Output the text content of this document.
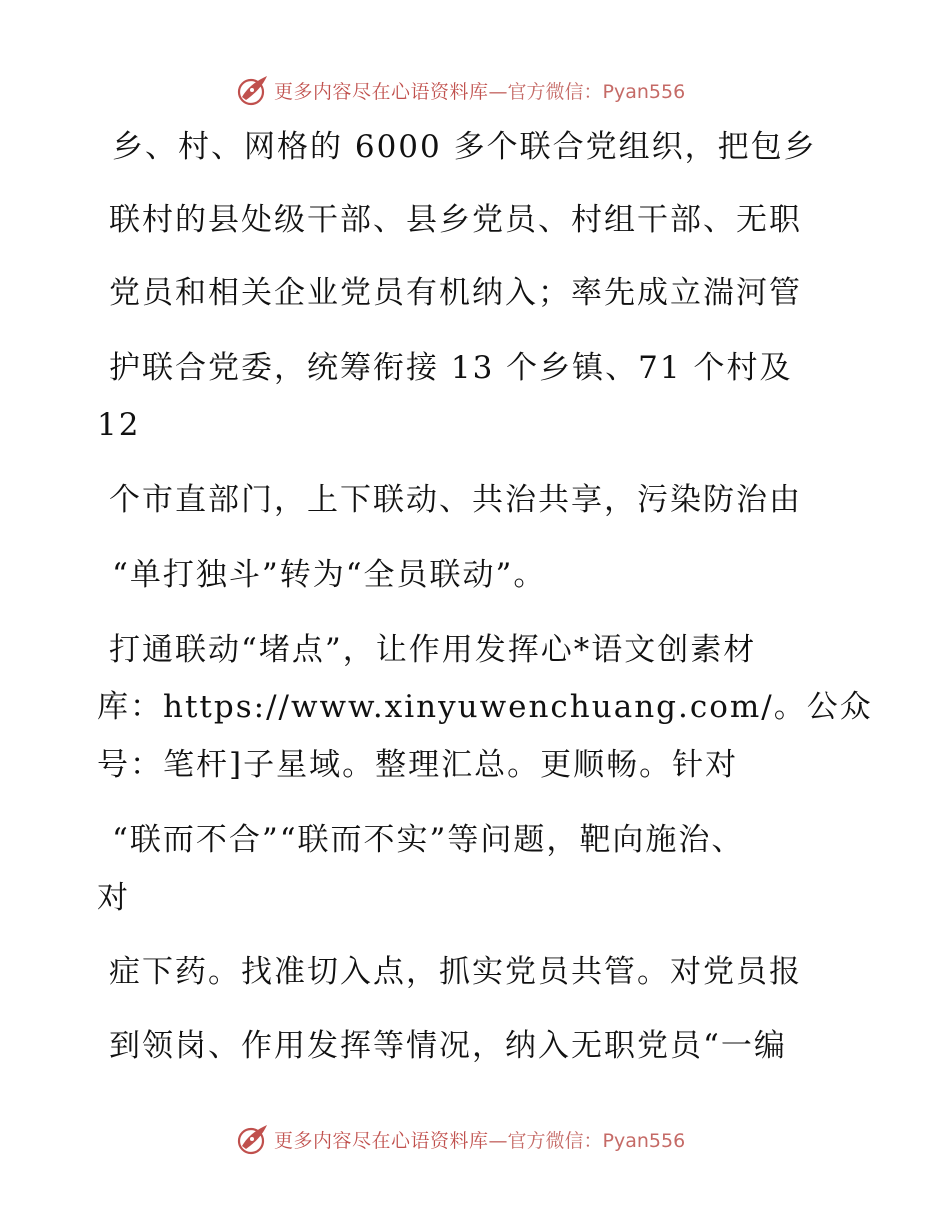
更多内容尽在心语资料库 —官方微信：Pyan556
乡、村、网格的 6000 多个联合党组织，把包乡
联村的县处级干部、县乡党员、村组干部、无职
党员和相关企业党员有机纳入；率先成立湍河管
护联合党委，统筹衔接 13 个乡镇、71 个村及
12
个市直部门，上下联动、共治共享，污染防治由
“单打独斗”转为“全员联动”。
打通联动“堵点”，让作用发挥心*语文创素材
库：https://www.xinyuwenchuang.com/。公众
号：笔杆]子星域。整理汇总。更顺畅。针对
“联而不合”“联而不实”等问题，靶向施治、
对
症下药。找准切入点，抓实党员共管。对党员报
到领岗、作用发挥等情况，纳入无职党员“一编
更多内容尽在心语资料库 —官方微信：Pyan556
